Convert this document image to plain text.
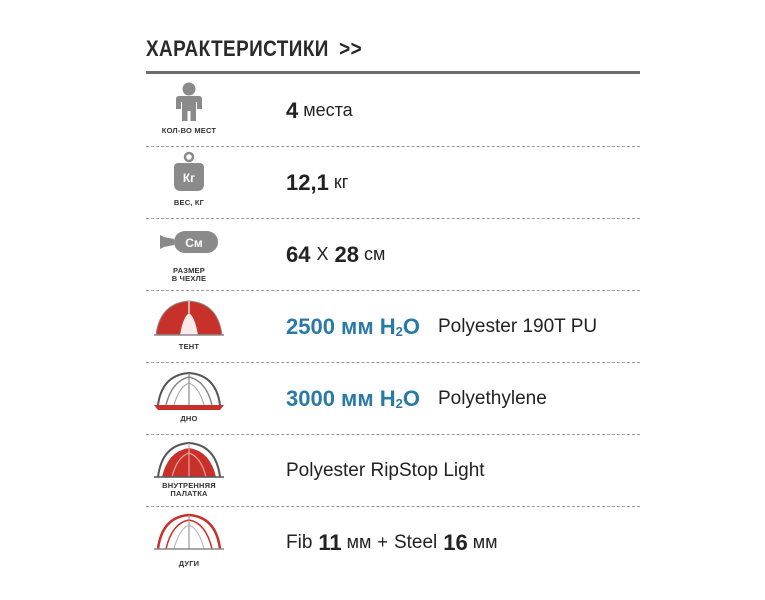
ХАРАКТЕРИСТИКИ >>
КОЛ-ВО МЕСТ
4 места
Кг
ВЕС, КГ
12,1 кг
См
РАЗМЕР
В ЧЕХЛЕ
64 X 28 см
ТЕНТ
2500 мм $H_2O$ Polyester 190T PU
ДНО
3000 мм $H_2O$ Polyethylene
ВНУТРЕННЯЯ
ПАЛАТКА
Polyester RipStop Light
ДУГИ
Fib 11 мм + Steel 16 мм
